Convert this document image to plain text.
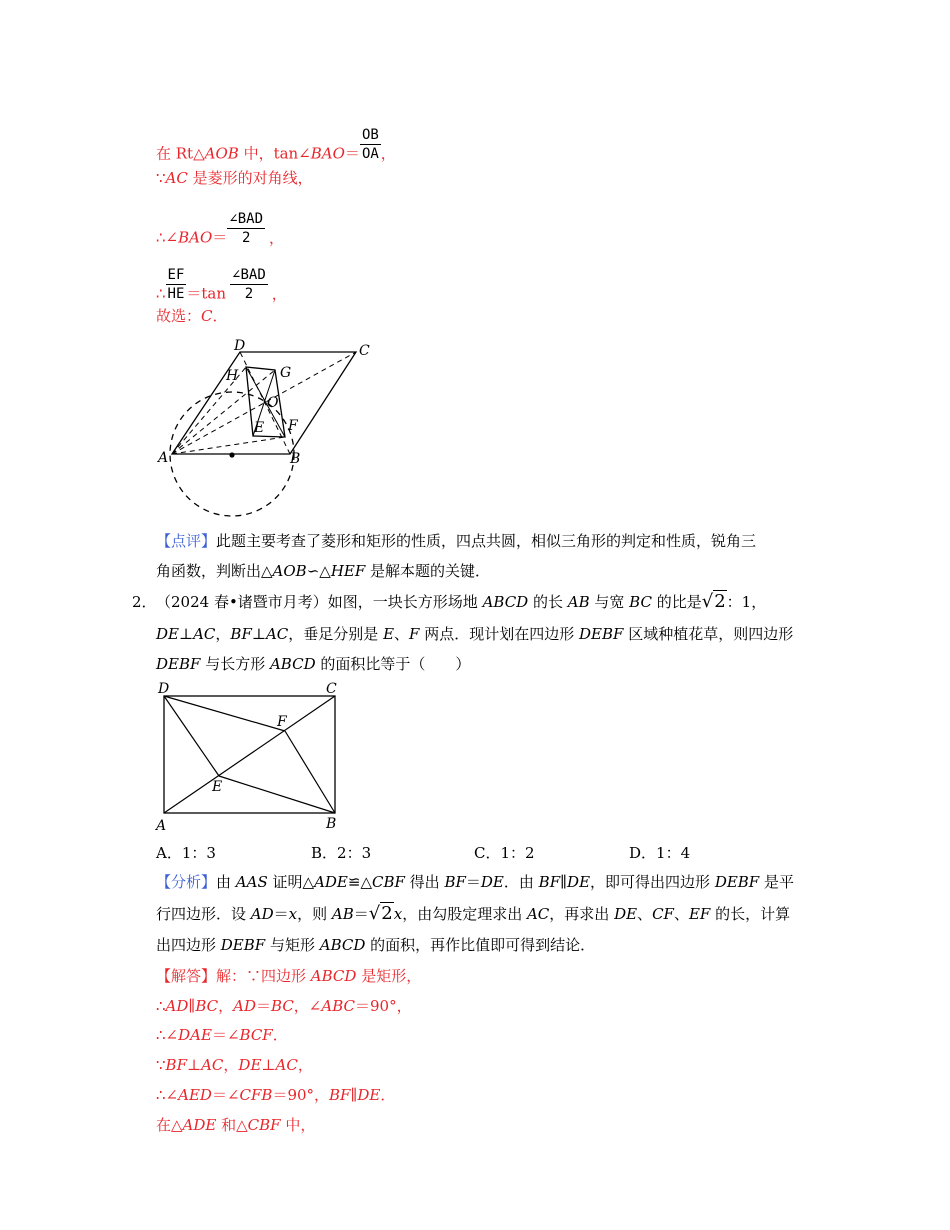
在 Rt△AOB 中，tan∠BAO＝ $\frac{OB}{OA}$ ，
∵AC 是菱形的对角线，
∴∠BAO＝ $\frac{\text{∠BAD}}{2}$ ，
∴ $\frac{EF}{HE} =\tan \frac{\text{∠BAD}}{2}$ ，
故选：C．
D	C
H	G
O
E F
A	B
【点评】此题主要考查了菱形和矩形的性质，四点共圆，相似三角形的判定和性质，锐角三
角函数，判断出△AOB∽△HEF 是解本题的关键．
2． （2024 春•诸暨市月考）如图，一块长方形场地 ABCD 的长 AB 与宽 BC 的比是√2：1，
DE⊥AC，BF⊥AC，垂足分别是 E、F 两点．现计划在四边形 DEBF 区域种植花草，则四边形
DEBF 与长方形 ABCD 的面积比等于（　　）
D	C
F
E
A	B
A．1：3	B．2：3	C．1：2	D．1：4
【分析】由 AAS 证明△ADE≌△CBF 得出 BF＝DE．由 BF∥DE，即可得出四边形 DEBF 是平
行四边形．设 AD＝x，则 AB＝√2x，由勾股定理求出 AC，再求出 DE、CF、EF 的长，计算
出四边形 DEBF 与矩形 ABCD 的面积，再作比值即可得到结论．
【解答】解：∵四边形 ABCD 是矩形，
∴AD∥BC，AD＝BC，∠ABC＝90°，
∴∠DAE＝∠BCF．
∵BF⊥AC，DE⊥AC，
∴∠AED＝∠CFB＝90°，BF∥DE．
在△ADE 和△CBF 中，
